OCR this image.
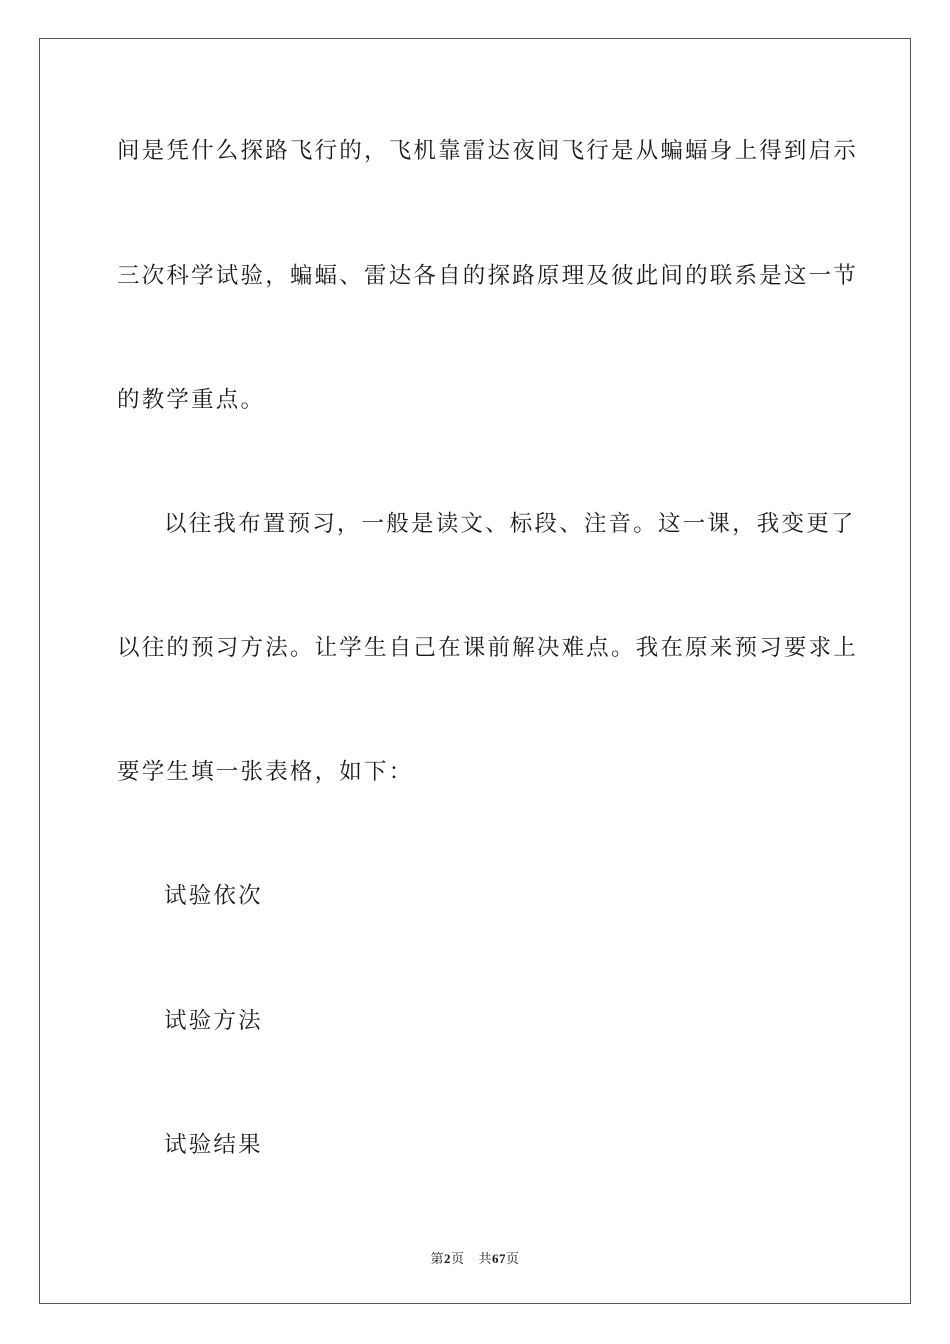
间是凭什么探路飞行的，飞机靠雷达夜间飞行是从蝙蝠身上得到启示
三次科学试验，蝙蝠、雷达各自的探路原理及彼此间的联系是这一节
的教学重点。
以往我布置预习，一般是读文、标段、注音。这一课，我变更了
以往的预习方法。让学生自己在课前解决难点。我在原来预习要求上
要学生填一张表格，如下：
试验依次
试验方法
试验结果
第2页 共67页
